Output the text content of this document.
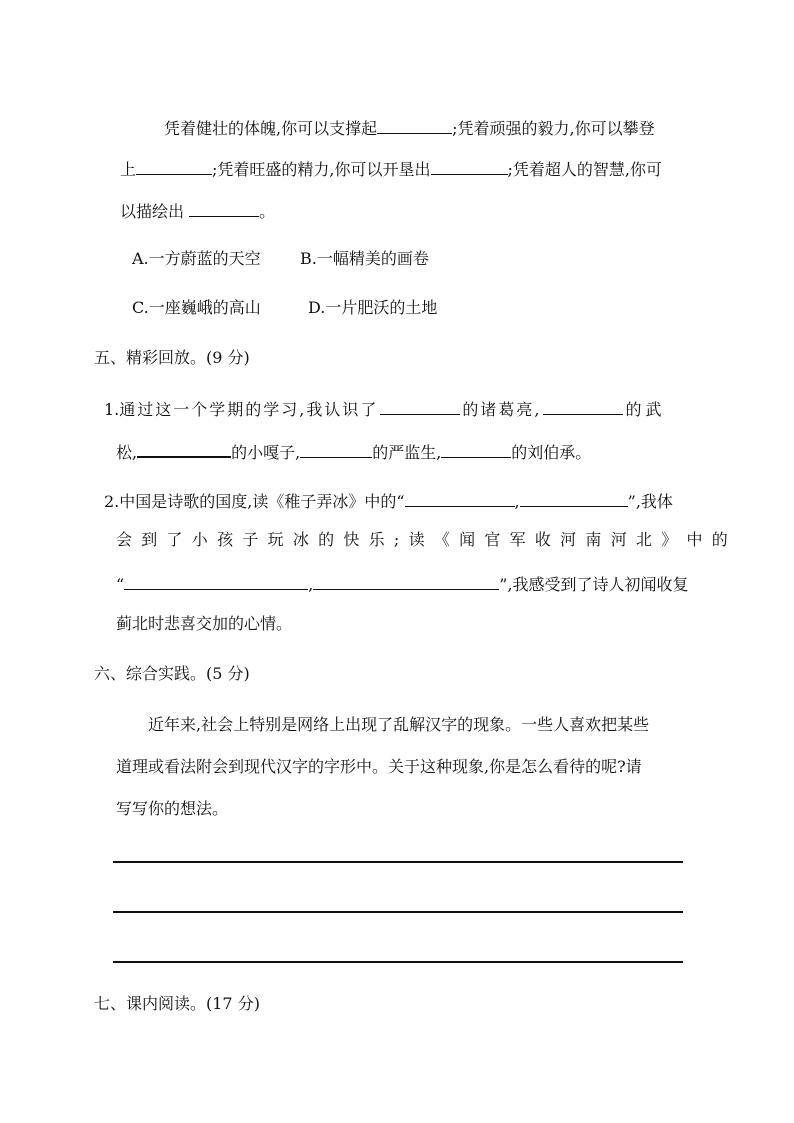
凭着健壮的体魄,你可以支撑起	;凭着顽强的毅力,你可以攀登
上	;凭着旺盛的精力,你可以开垦出	;凭着超人的智慧,你可
以描绘出	。
A.一方蔚蓝的天空 B.一幅精美的画卷
C.一座巍峨的高山	D.一片肥沃的土地
五、精彩回放。(9 分)
1.通过这一个学期的学习,我认识了	的诸葛亮,	的武
松,	的小嘎子,	的严监生,	的刘伯承。
2.中国是诗歌的国度,读《稚子弄冰》中的“	,	”,我体
会 到 了 小 孩 子 玩 冰 的 快 乐 ; 读 《 闻 官 军 收 河 南 河 北 》 中 的
“	,	”,我感受到了诗人初闻收复
蓟北时悲喜交加的心情。
六、综合实践。(5 分)
近年来,社会上特别是网络上出现了乱解汉字的现象。一些人喜欢把某些
道理或看法附会到现代汉字的字形中。关于这种现象,你是怎么看待的呢?请
写写你的想法。
七、课内阅读。(17 分)
